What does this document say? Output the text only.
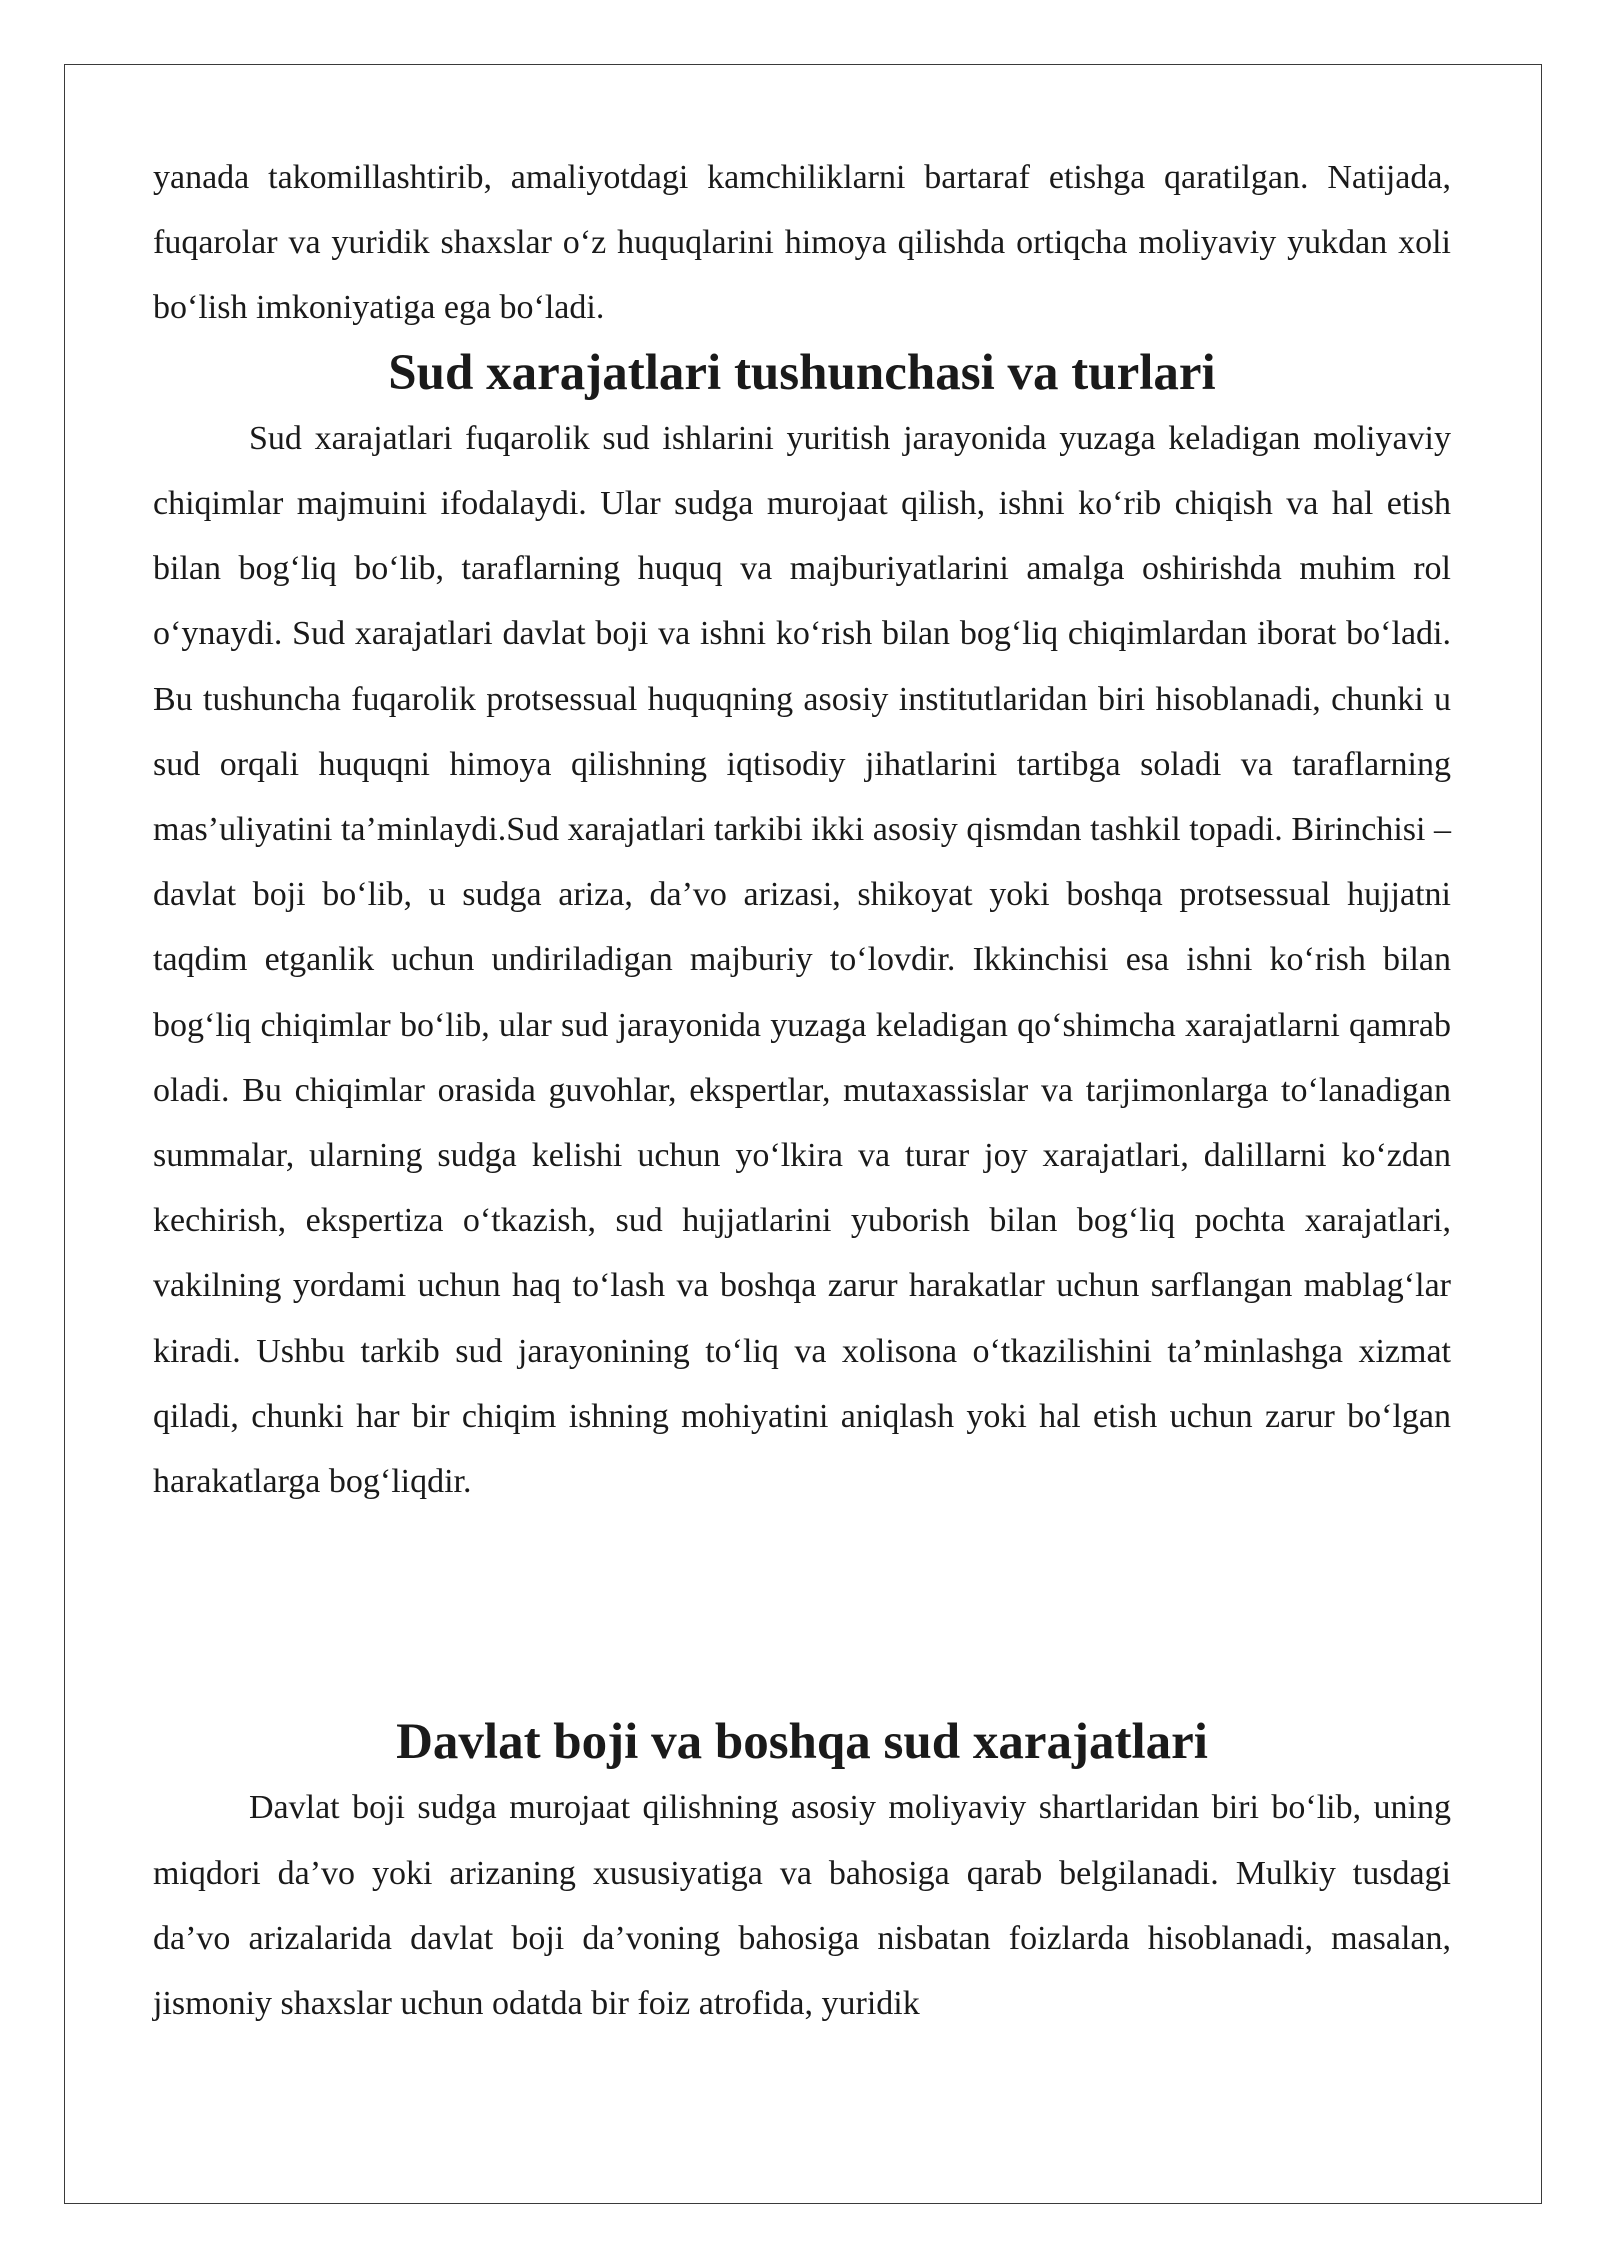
yanada takomillashtirib, amaliyotdagi kamchiliklarni bartaraf etishga qaratilgan. Natijada, fuqarolar va yuridik shaxslar o‘z huquqlarini himoya qilishda ortiqcha moliyaviy yukdan xoli bo‘lish imkoniyatiga ega bo‘ladi.

Sud xarajatlari tushunchasi va turlari

Sud xarajatlari fuqarolik sud ishlarini yuritish jarayonida yuzaga keladigan moliyaviy chiqimlar majmuini ifodalaydi. Ular sudga murojaat qilish, ishni ko‘rib chiqish va hal etish bilan bog‘liq bo‘lib, taraflarning huquq va majburiyatlarini amalga oshirishda muhim rol o‘ynaydi. Sud xarajatlari davlat boji va ishni ko‘rish bilan bog‘liq chiqimlardan iborat bo‘ladi. Bu tushuncha fuqarolik protsessual huquqning asosiy institutlaridan biri hisoblanadi, chunki u sud orqali huquqni himoya qilishning iqtisodiy jihatlarini tartibga soladi va taraflarning mas’uliyatini ta’minlaydi.Sud xarajatlari tarkibi ikki asosiy qismdan tashkil topadi. Birinchisi – davlat boji bo‘lib, u sudga ariza, da’vo arizasi, shikoyat yoki boshqa protsessual hujjatni taqdim etganlik uchun undiriladigan majburiy to‘lovdir. Ikkinchisi esa ishni ko‘rish bilan bog‘liq chiqimlar bo‘lib, ular sud jarayonida yuzaga keladigan qo‘shimcha xarajatlarni qamrab oladi. Bu chiqimlar orasida guvohlar, ekspertlar, mutaxassislar va tarjimonlarga to‘lanadigan summalar, ularning sudga kelishi uchun yo‘lkira va turar joy xarajatlari, dalillarni ko‘zdan kechirish, ekspertiza o‘tkazish, sud hujjatlarini yuborish bilan bog‘liq pochta xarajatlari, vakilning yordami uchun haq to‘lash va boshqa zarur harakatlar uchun sarflangan mablag‘lar kiradi. Ushbu tarkib sud jarayonining to‘liq va xolisona o‘tkazilishini ta’minlashga xizmat qiladi, chunki har bir chiqim ishning mohiyatini aniqlash yoki hal etish uchun zarur bo‘lgan harakatlarga bog‘liqdir.

Davlat boji va boshqa sud xarajatlari

Davlat boji sudga murojaat qilishning asosiy moliyaviy shartlaridan biri bo‘lib, uning miqdori da’vo yoki arizaning xususiyatiga va bahosiga qarab belgilanadi. Mulkiy tusdagi da’vo arizalarida davlat boji da’voning bahosiga nisbatan foizlarda hisoblanadi, masalan, jismoniy shaxslar uchun odatda bir foiz atrofida, yuridik
